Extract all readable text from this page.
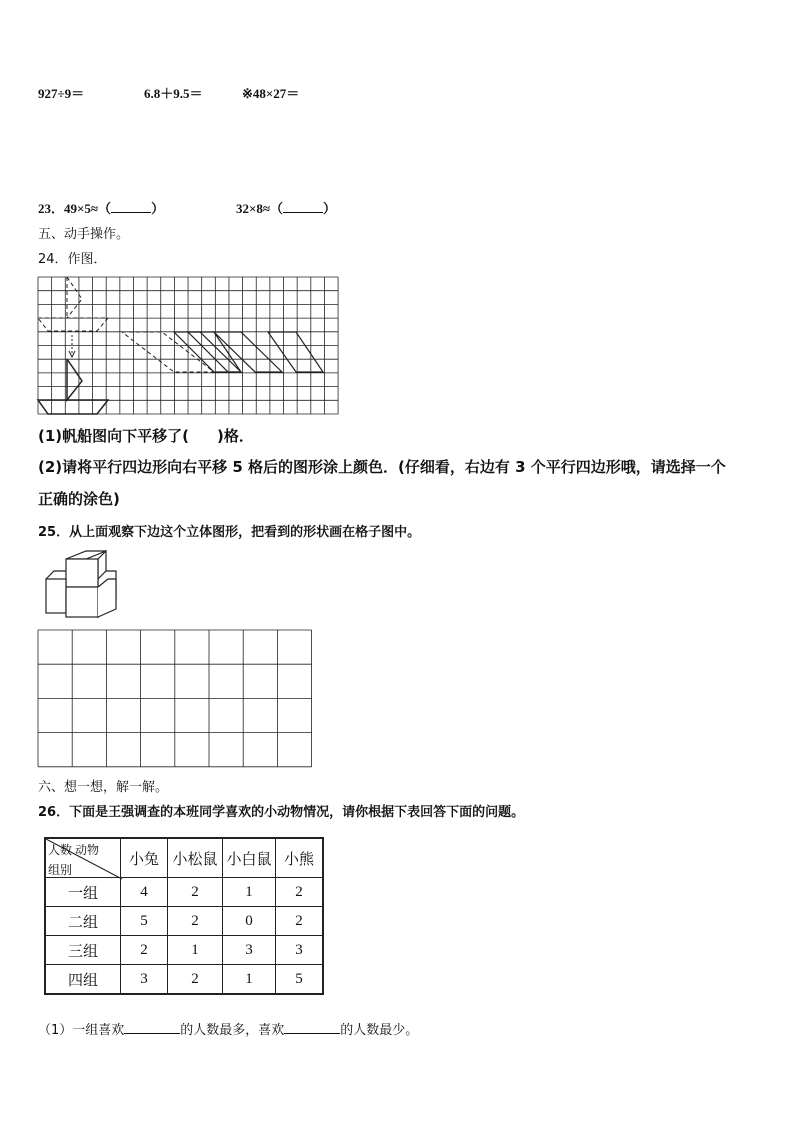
927÷9＝	6.8＋9.5＝	※48×27＝
23．49×5≈（	）	32×8≈（	）
五、动手操作。
24．作图．
(1)帆船图向下平移了( )格．
(2)请将平行四边形向右平移 5 格后的图形涂上颜色．(仔细看，右边有 3 个平行四边形哦，请选择一个
正确的涂色)
25．从上面观察下边这个立体图形，把看到的形状画在格子图中。
六、想一想，解一解。
26．下面是王强调查的本班同学喜欢的小动物情况，请你根据下表回答下面的问题。
人数 动物
组别	小兔	小松鼠	小白鼠	小熊
一组	4	2	1	2
二组	5	2	0	2
三组	2	1	3	3
四组	3	2	1	5
（1）一组喜欢	的人数最多，喜欢	的人数最少。
